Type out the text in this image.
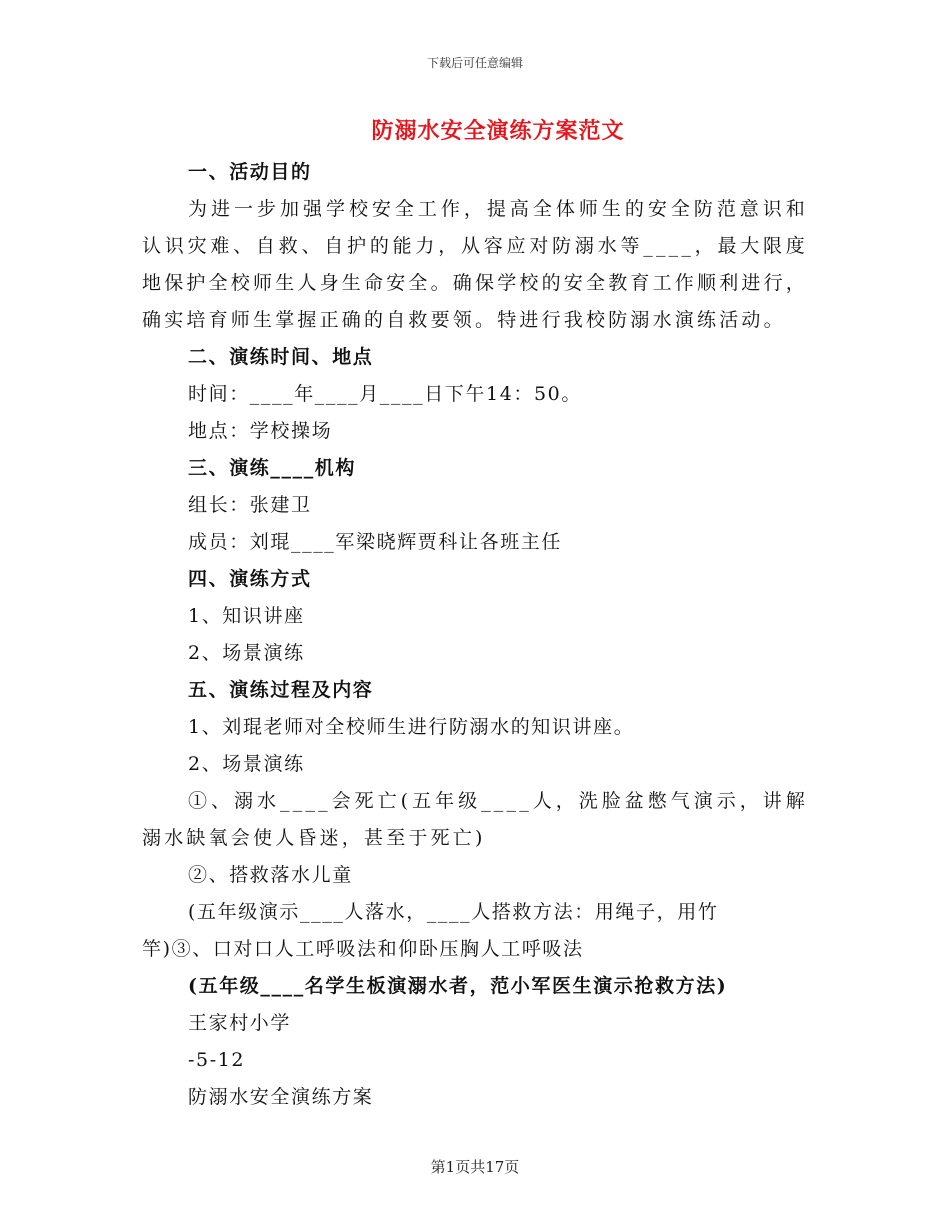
下载后可任意编辑
防溺水安全演练方案范文
一、活动目的
为进一步加强学校安全工作，提高全体师生的安全防范意识和认识灾难、自救、自护的能力，从容应对防溺水等____，最大限度地保护全校师生人身生命安全。确保学校的安全教育工作顺利进行，确实培育师生掌握正确的自救要领。特进行我校防溺水演练活动。
二、演练时间、地点
时间：____年____月____日下午14：50。
地点：学校操场
三、演练____机构
组长：张建卫
成员：刘琨____军梁晓辉贾科让各班主任
四、演练方式
1、知识讲座
2、场景演练
五、演练过程及内容
1、刘琨老师对全校师生进行防溺水的知识讲座。
2、场景演练
①、溺水____会死亡(五年级____人，洗脸盆憋气演示，讲解溺水缺氧会使人昏迷，甚至于死亡)
②、搭救落水儿童
(五年级演示____人落水，____人搭救方法：用绳子，用竹
竿)③、口对口人工呼吸法和仰卧压胸人工呼吸法
(五年级____名学生板演溺水者，范小军医生演示抢救方法)
王家村小学
-5-12
防溺水安全演练方案
第1页共17页
